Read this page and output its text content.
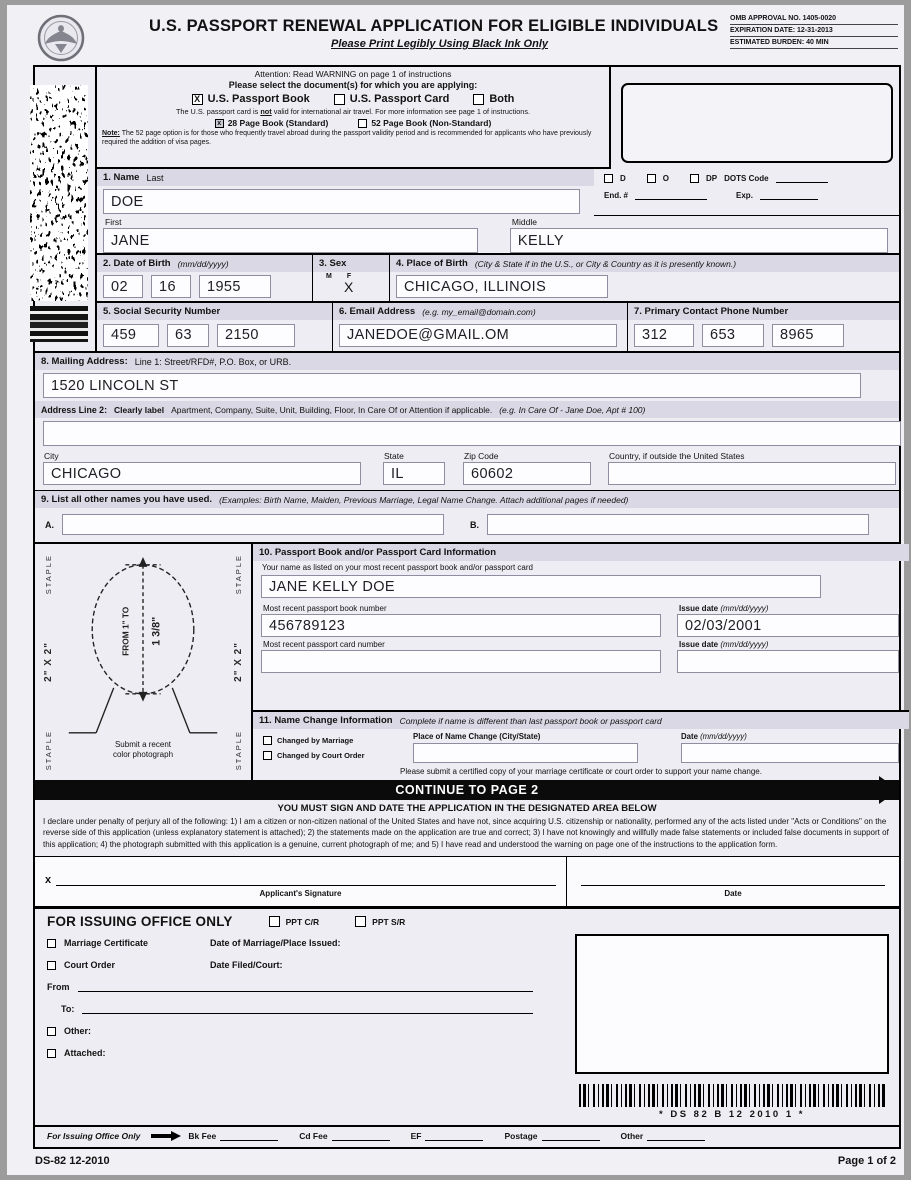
U.S. PASSPORT RENEWAL APPLICATION FOR ELIGIBLE INDIVIDUALS
Please Print Legibly Using Black Ink Only
OMB APPROVAL NO. 1405-0020
EXPIRATION DATE: 12-31-2013
ESTIMATED BURDEN: 40 MIN
Attention: Read WARNING on page 1 of instructions
Please select the document(s) for which you are applying:
X U.S. Passport Book	U.S. Passport Card	Both
The U.S. passport card is not valid for international air travel. For more information see page 1 of instructions.
x 28 Page Book (Standard)	52 Page Book (Non-Standard)
Note: The 52 page option is for those who frequently travel abroad during the passport validity period and is recommended for applicants who have previously required the addition of visa pages.
1. Name Last
DOE
D	O	DP DOTS Code
End. #	Exp.
First
JANE
Middle
KELLY
2. Date of Birth (mm/dd/yyyy)
02	16	1955
3. Sex
M F
X
4. Place of Birth (City & State if in the U.S., or City & Country as it is presently known.)
CHICAGO, ILLINOIS
5. Social Security Number
459	63	2150
6. Email Address (e.g. my_email@domain.com)
JANEDOE@GMAIL.OM
7. Primary Contact Phone Number
312	653	8965
8. Mailing Address: Line 1: Street/RFD#, P.O. Box, or URB.
1520 LINCOLN ST
Address Line 2: Clearly label Apartment, Company, Suite, Unit, Building, Floor, In Care Of or Attention if applicable. (e.g. In Care Of - Jane Doe, Apt # 100)
City
CHICAGO
State
IL
Zip Code
60602
Country, if outside the United States
9. List all other names you have used. (Examples: Birth Name, Maiden, Previous Marriage, Legal Name Change. Attach additional pages if needed)
A.	B.
STAPLE
2" X 2"
STAPLE
FROM 1" TO 1 3/8"
Submit a recent
color photograph
STAPLE
2" X 2"
STAPLE
10. Passport Book and/or Passport Card Information
Your name as listed on your most recent passport book and/or passport card
JANE KELLY DOE
Most recent passport book number	Issue date (mm/dd/yyyy)
456789123	02/03/2001
Most recent passport card number	Issue date (mm/dd/yyyy)
11. Name Change Information Complete if name is different than last passport book or passport card
Changed by Marriage
Changed by Court Order
Place of Name Change (City/State)	Date (mm/dd/yyyy)
Please submit a certified copy of your marriage certificate or court order to support your name change.
CONTINUE TO PAGE 2
YOU MUST SIGN AND DATE THE APPLICATION IN THE DESIGNATED AREA BELOW
I declare under penalty of perjury all of the following: 1) I am a citizen or non-citizen national of the United States and have not, since acquiring U.S. citizenship or nationality, performed any of the acts listed under "Acts or Conditions" on the reverse side of this application (unless explanatory statement is attached); 2) the statements made on the application are true and correct; 3) I have not knowingly and willfully made false statements or included false documents in support of this application; 4) the photograph submitted with this application is a genuine, current photograph of me; and 5) I have read and understood the warning on page one of the instructions to the application form.
x
Applicant's Signature	Date
FOR ISSUING OFFICE ONLY	PPT C/R	PPT S/R
Marriage Certificate	Date of Marriage/Place Issued:
Court Order	Date Filed/Court:
From
To:
Other:
Attached:
* DS 82 B 12 2010 1 *
For Issuing Office Only	Bk Fee	Cd Fee	EF	Postage	Other
DS-82 12-2010	Page 1 of 2
